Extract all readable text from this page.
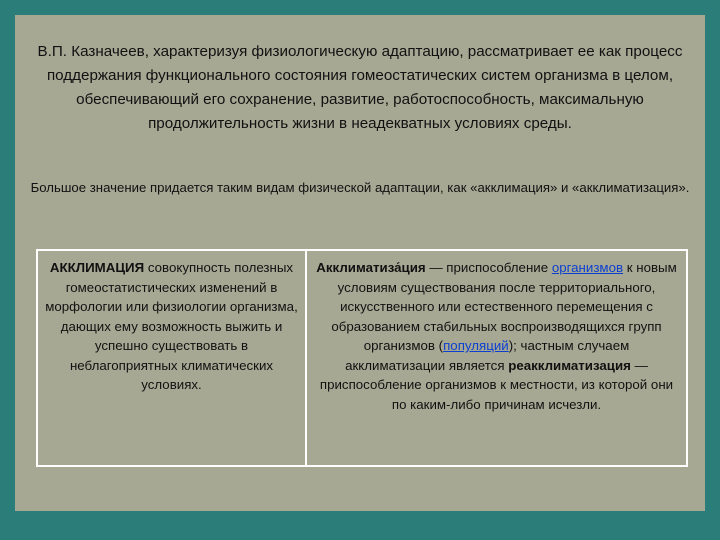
В.П. Казначеев, характеризуя физиологическую адаптацию, рассматривает ее как процесс поддержания функционального состояния гомеостатических систем организма в целом, обеспечивающий его сохранение, развитие, работоспособность, максимальную продолжительность жизни в неадекватных условиях среды.

Большое значение придается таким видам физической адаптации, как «акклимация» и «акклиматизация».

АККЛИМАЦИЯ совокупность полезных гомеостатистических изменений в морфологии или физиологии организма, дающих ему возможность выжить и успешно существовать в неблагоприятных климатических условиях.
Акклиматиза́ция — приспособление организмов к новым условиям существования после территориального, искусственного или естественного перемещения с образованием стабильных воспроизводящихся групп организмов (популяций); частным случаем акклиматизации является реакклиматизация — приспособление организмов к местности, из которой они по каким-либо причинам исчезли.
